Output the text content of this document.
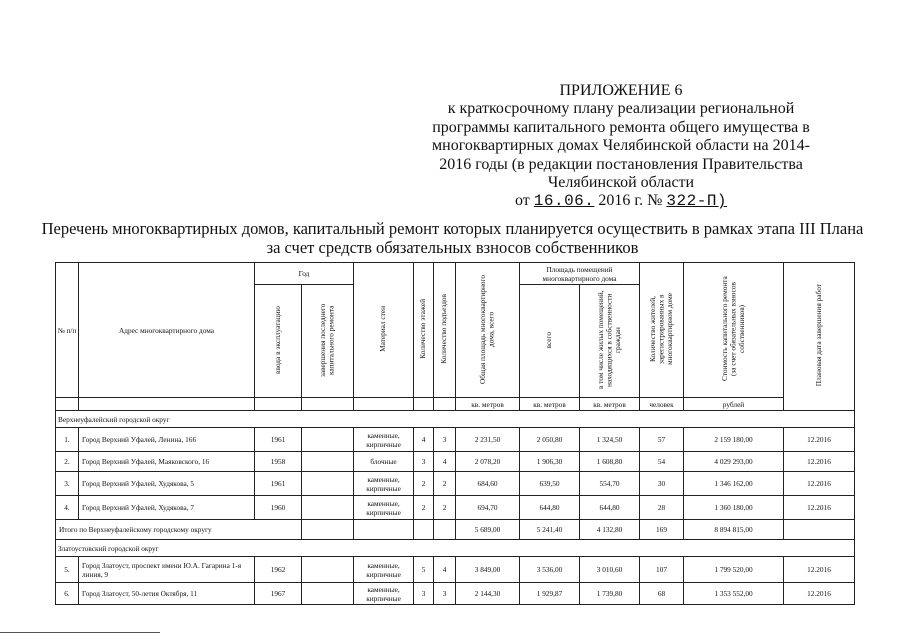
ПРИЛОЖЕНИЕ 6
к краткосрочному плану реализации региональной
программы капитального ремонта общего имущества в
многоквартирных домах Челябинской области на 2014-
2016 годы (в редакции постановления Правительства
Челябинской области
от 16.06. 2016 г. № 322-П)
Перечень многоквартирных домов, капитальный ремонт которых планируется осуществить в рамках этапа III Плана
за счет средств обязательных взносов собственников
№ п/п	Адрес многоквартирного дома	Год		Материал стен	Количество этажей	Количество подъездов	Общая площадь многоквартирного дома, всего	Площадь помещений многоквартирного дома		Количество жителей, зарегистрированных в многоквартирном доме	Стоимость капитального ремонта (за счет обязательных взносов собственников)	Плановая дата завершения работ
		ввода в эксплуатацию	завершения последнего капитального ремонта					всего	в том числе жилых помещений, находящихся в собственности граждан			
							кв. метров	кв. метров	кв. метров	человек	рублей	
Верхнеуфалейский городской округ												
1.	Город Верхний Уфалей, Ленина, 166	1961		каменные, кирпичные	4	3	2 231,50	2 050,80	1 324,50	57	2 159 180,00	12.2016
2.	Город Верхний Уфалей, Маяковского, 16	1958		блочные	3	4	2 078,20	1 906,30	1 608,80	54	4 029 293,00	12.2016
3.	Город Верхний Уфалей, Худякова, 5	1961		каменные, кирпичные	2	2	684,60	639,50	554,70	30	1 346 162,00	12.2016
4.	Город Верхний Уфалей, Худякова, 7	1960		каменные, кирпичные	2	2	694,70	644,80	644,80	28	1 360 180,00	12.2016
Итого по Верхнеуфалейскому городскому округу							5 689,00	5 241,40	4 132,80	169	8 894 815,00	
Златоустовский городской округ												
5.	Город Златоуст, проспект имени Ю.А. Гагарина 1-я линия, 9	1962		каменные, кирпичные	5	4	3 849,00	3 536,00	3 010,60	107	1 799 520,00	12.2016
6.	Город Златоуст, 50-летия Октября, 11	1967		каменные, кирпичные	3	3	2 144,30	1 929,87	1 739,80	68	1 353 552,00	12.2016
